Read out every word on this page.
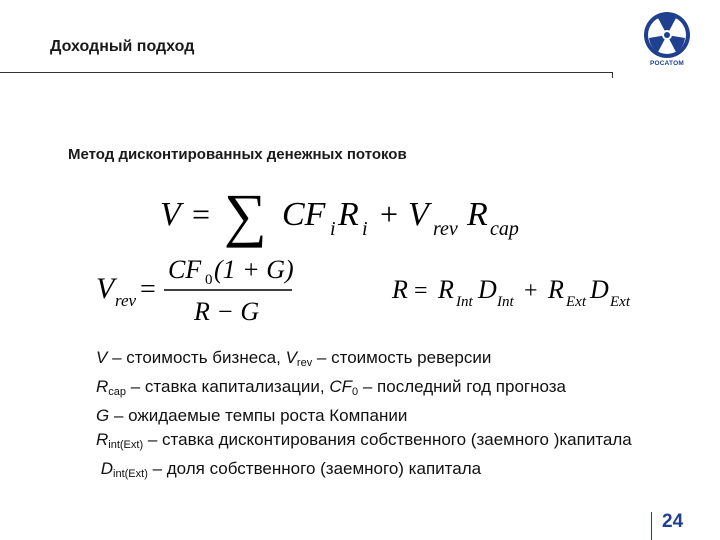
Доходный подход
РОСАТОМ
Метод дисконтированных денежных потоков
V = ∑ CF i R i + V rev R cap
V rev =
CF 0 (1 + G)
R − G
R = R Int D Int + R Ext D Ext
V – стоимость бизнеса, $V_{rev}$ – стоимость реверсии
$R_{cap}$ – ставка капитализации, $CF_0$ – последний год прогноза
G – ожидаемые темпы роста Компании
$R_{int(Ext)}$ – ставка дисконтирования собственного (заемного )капитала
$D_{int(Ext)}$ – доля собственного (заемного) капитала
24
